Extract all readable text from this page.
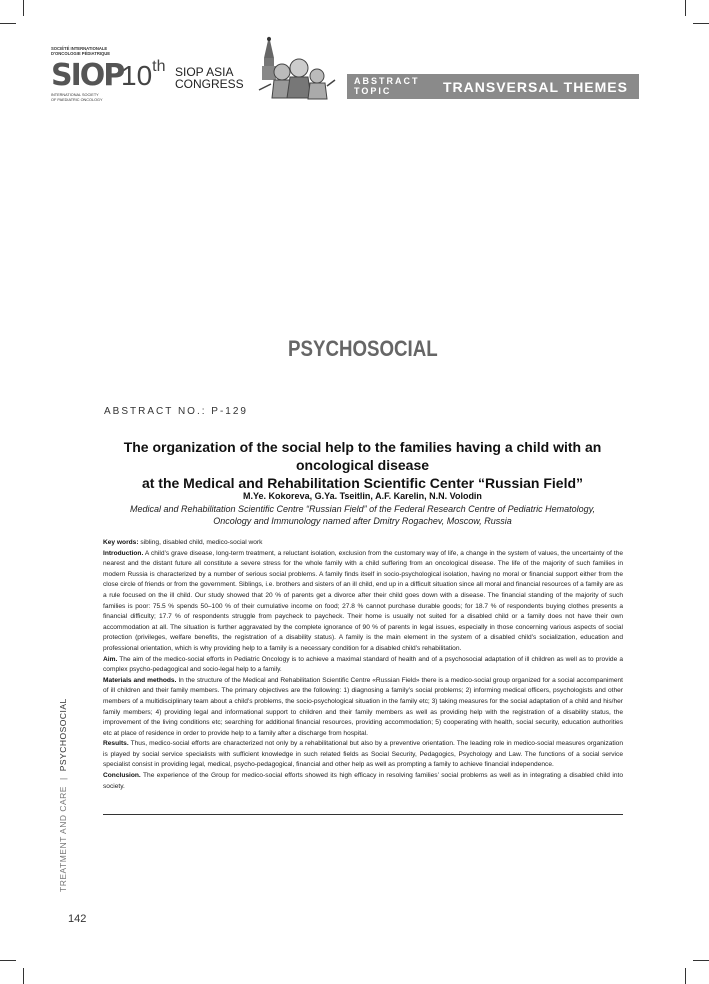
SOCIÉTÉ INTERNATIONALE
D'ONCOLOGIE PÉDIATRIQUE
SIOP
INTERNATIONAL SOCIETY
OF PAEDIATRIC ONCOLOGY
10th SIOP ASIA
CONGRESS	ABSTRACT
TOPIC	TRANSVERSAL THEMES
PSYCHOSOCIAL
ABSTRACT NO.: P-129
The organization of the social help to the families having a child with an oncological disease
at the Medical and Rehabilitation Scientific Center “Russian Field”
M.Ye. Kokoreva, G.Ya. Tseitlin, A.F. Karelin, N.N. Volodin
Medical and Rehabilitation Scientific Centre “Russian Field” of the Federal Research Centre of Pediatric Hematology,
Oncology and Immunology named after Dmitry Rogachev, Moscow, Russia

Key words: sibling, disabled child, medico-social work

Introduction. A child’s grave disease, long-term treatment, a reluctant isolation, exclusion from the customary way of life, a change in the system of values, the uncertainty of the nearest and the distant future all constitute a severe stress for the whole family with a child suffering from an oncological disease. The life of the majority of such families in modern Russia is characterized by a number of serious social problems. A family finds itself in socio-psychological isolation, having no moral or financial support either from the close circle of friends or from the government. Siblings, i.e. brothers and sisters of an ill child, end up in a difficult situation since all moral and financial resources of a family are as a rule focused on the ill child. Our study showed that 20 % of parents get a divorce after their child goes down with a disease. The financial standing of the majority of such families is poor: 75.5 % spends 50–100 % of their cumulative income on food; 27.8 % cannot purchase durable goods; for 18.7 % of respondents buying clothes presents a financial difficulty; 17.7 % of respondents struggle from paycheck to paycheck. Their home is usually not suited for a disabled child or a family does not have their own accommodation at all. The situation is further aggravated by the complete ignorance of 90 % of parents in legal issues, especially in those concerning various aspects of social protection (privileges, welfare benefits, the registration of a disability status). A family is the main element in the system of a disabled child’s socialization, education and professional orientation, which is why providing help to a family is a necessary condition for a disabled child’s rehabilitation.

Aim. The aim of the medico-social efforts in Pediatric Oncology is to achieve a maximal standard of health and of a psychosocial adaptation of ill children as well as to provide a complex psycho-pedagogical and socio-legal help to a family.

Materials and methods. In the structure of the Medical and Rehabilitation Scientific Centre «Russian Field» there is a medico-social group organized for a social accompaniment of ill children and their family members. The primary objectives are the following: 1) diagnosing a family’s social problems; 2) informing medical officers, psychologists and other members of a multidisciplinary team about a child’s problems, the socio-psychological situation in the family etc; 3) taking measures for the social adaptation of a child and his/her family members; 4) providing legal and informational support to children and their family members as well as providing help with the registration of a disability status, the improvement of the living conditions etc; searching for additional financial resources, providing accommodation; 5) cooperating with health, social security, education authorities etc at place of residence in order to provide help to a family after a discharge from hospital.

Results. Thus, medico-social efforts are characterized not only by a rehabilitational but also by a preventive orientation. The leading role in medico-social measures organization is played by social service specialists with sufficient knowledge in such related fields as Social Security, Pedagogics, Psychology and Law. The functions of a social service specialist consist in providing legal, medical, psycho-pedagogical, financial and other help as well as prompting a family to achieve financial independence.

Conclusion. The experience of the Group for medico-social efforts showed its high efficacy in resolving families’ social problems as well as in integrating a disabled child into society.

TREATMENT AND CARE|PSYCHOSOCIAL
142
